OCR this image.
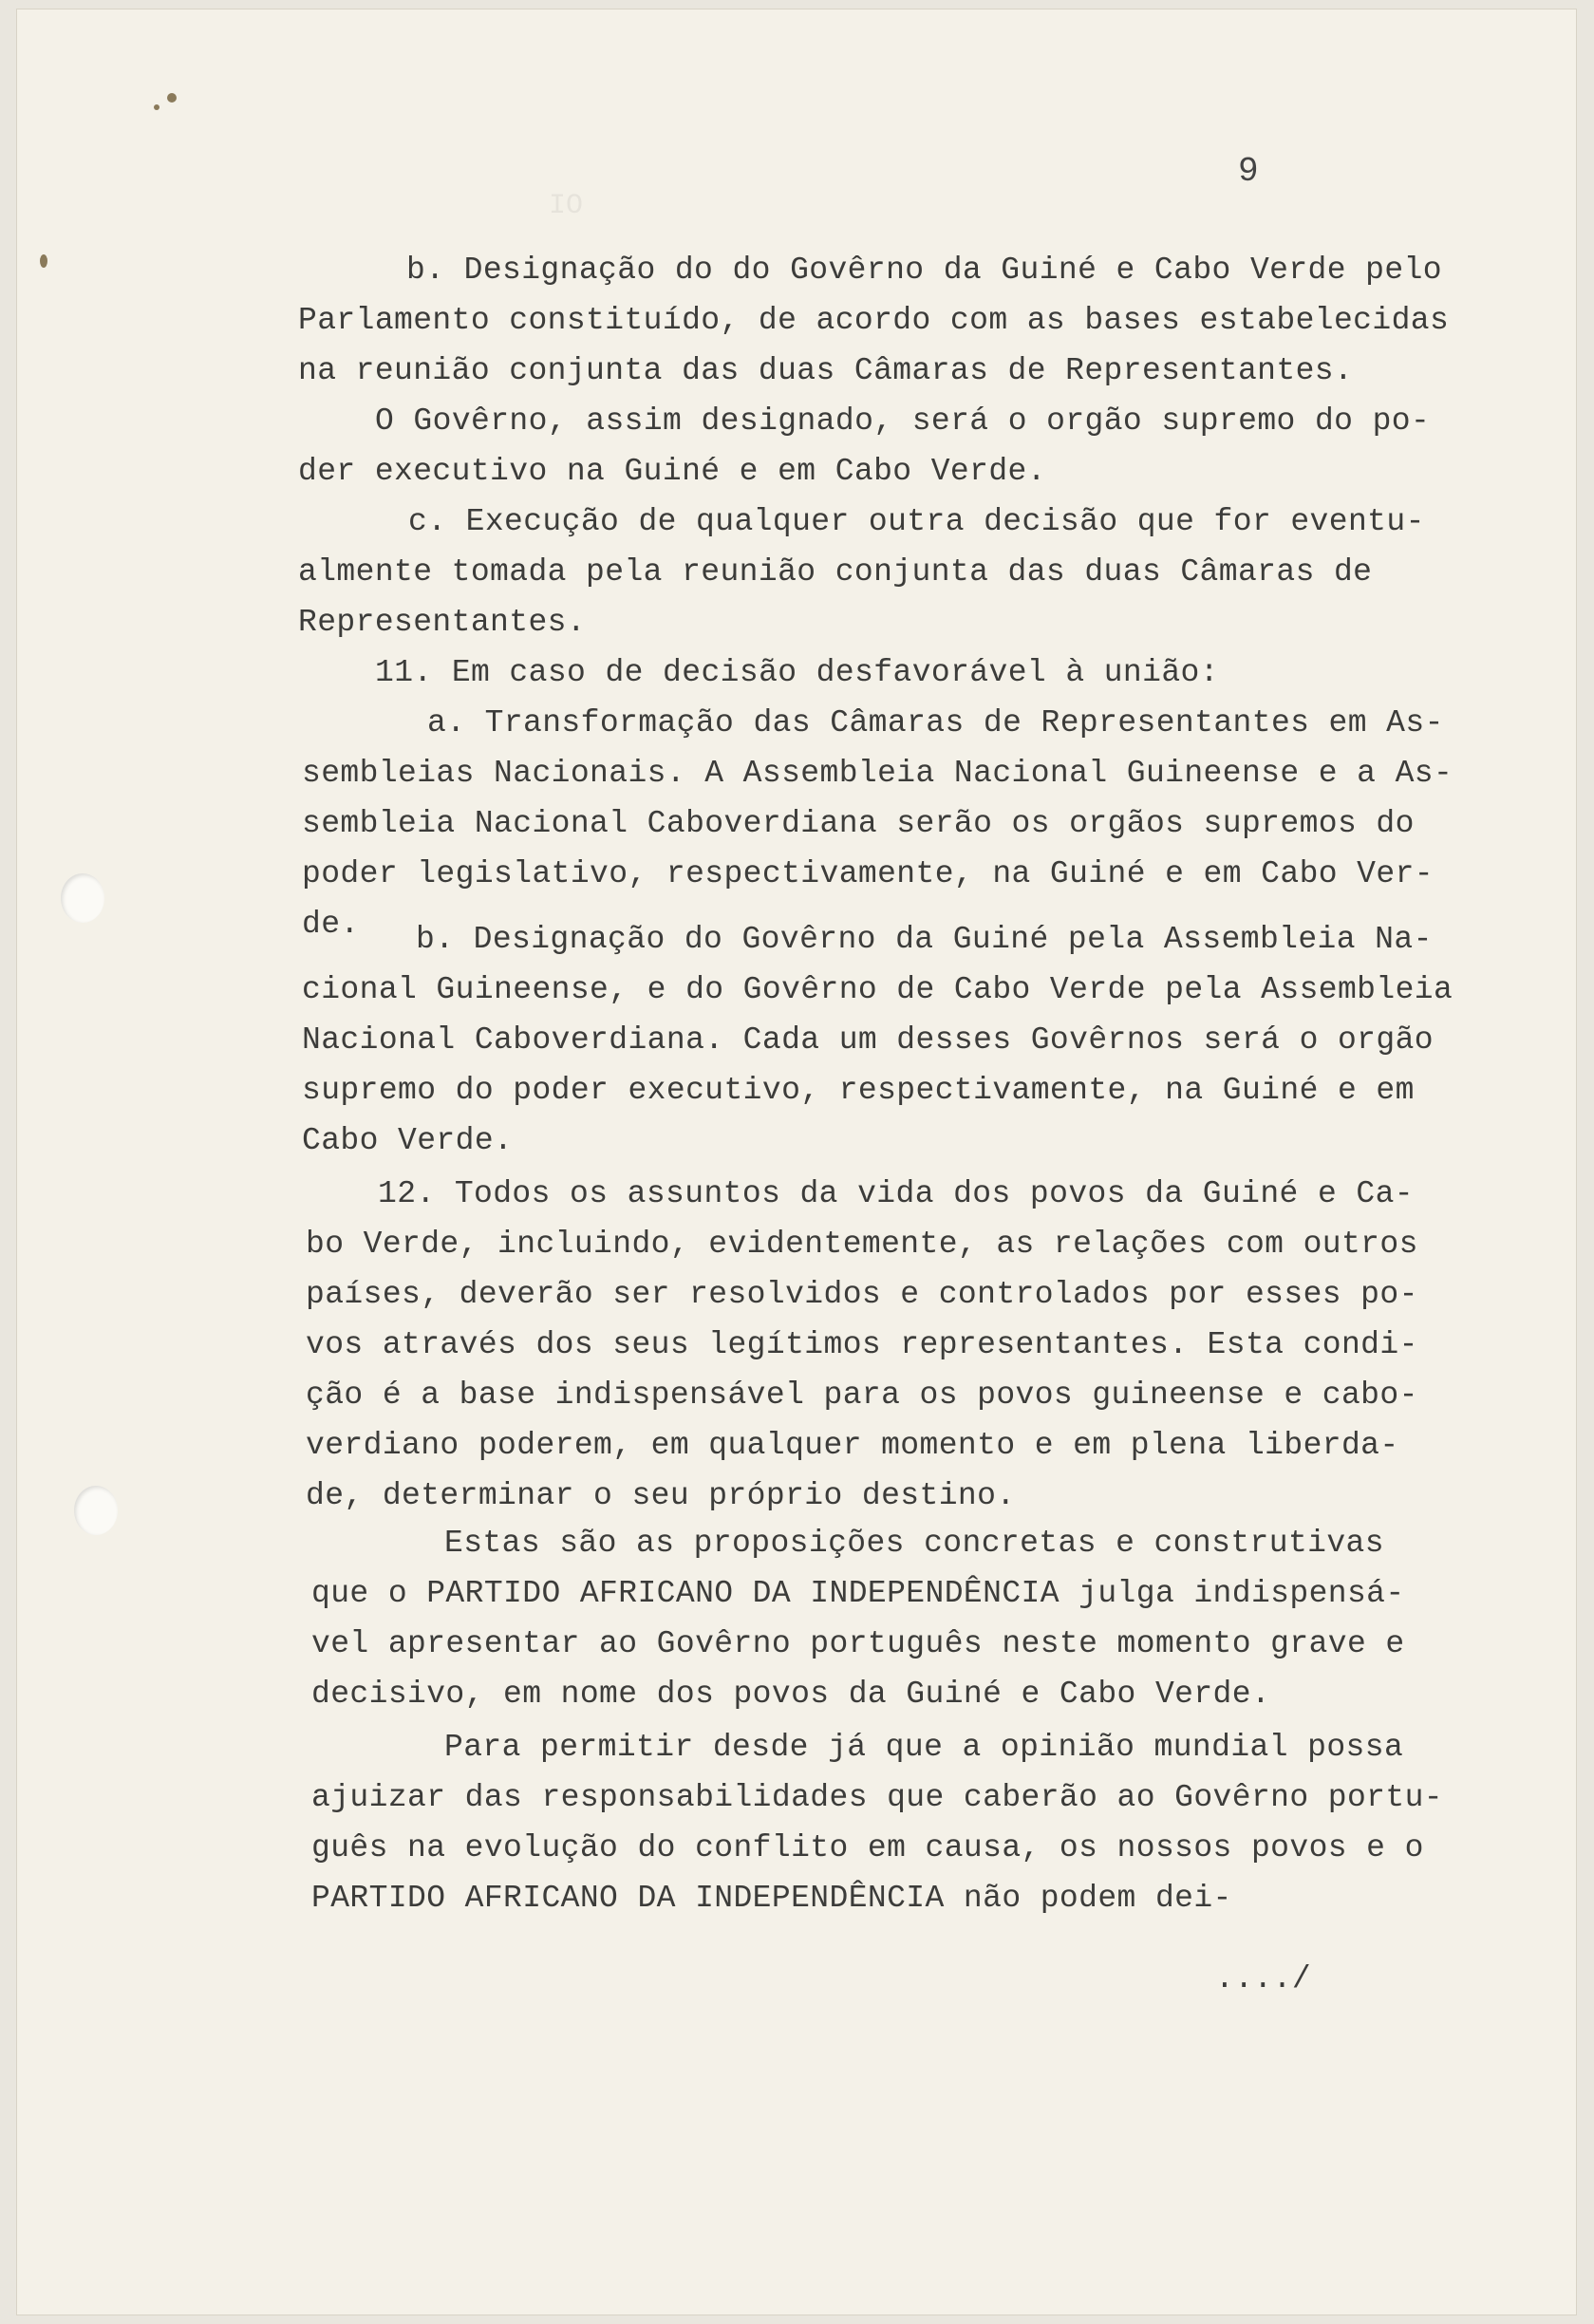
IO
9
b. Designação do do Govêrno da Guiné e Cabo Verde pelo
Parlamento constituído, de acordo com as bases estabelecidas
na reunião conjunta das duas Câmaras de Representantes.
O Govêrno, assim designado, será o orgão supremo do po-
der executivo na Guiné e em Cabo Verde.
c. Execução de qualquer outra decisão que for eventu-
almente tomada pela reunião conjunta das duas Câmaras de
Representantes.
11. Em caso de decisão desfavorável à união:
a. Transformação das Câmaras de Representantes em As-
sembleias Nacionais. A Assembleia Nacional Guineense e a As-
sembleia Nacional Caboverdiana serão os orgãos supremos do
poder legislativo, respectivamente, na Guiné e em Cabo Ver-
de. b. Designação do Govêrno da Guiné pela Assembleia Na-
cional Guineense, e do Govêrno de Cabo Verde pela Assembleia
Nacional Caboverdiana. Cada um desses Govêrnos será o orgão
supremo do poder executivo, respectivamente, na Guiné e em
Cabo Verde.
12. Todos os assuntos da vida dos povos da Guiné e Ca-
bo Verde, incluindo, evidentemente, as relações com outros
países, deverão ser resolvidos e controlados por esses po-
vos através dos seus legítimos representantes. Esta condi-
ção é a base indispensável para os povos guineense e cabo-
verdiano poderem, em qualquer momento e em plena liberda-
de, determinar o seu próprio destino.
Estas são as proposições concretas e construtivas
que o PARTIDO AFRICANO DA INDEPENDÊNCIA julga indispensá-
vel apresentar ao Govêrno português neste momento grave e
decisivo, em nome dos povos da Guiné e Cabo Verde.
Para permitir desde já que a opinião mundial possa
ajuizar das responsabilidades que caberão ao Govêrno portu-
guês na evolução do conflito em causa, os nossos povos e o
PARTIDO AFRICANO DA INDEPENDÊNCIA não podem dei-
..../
